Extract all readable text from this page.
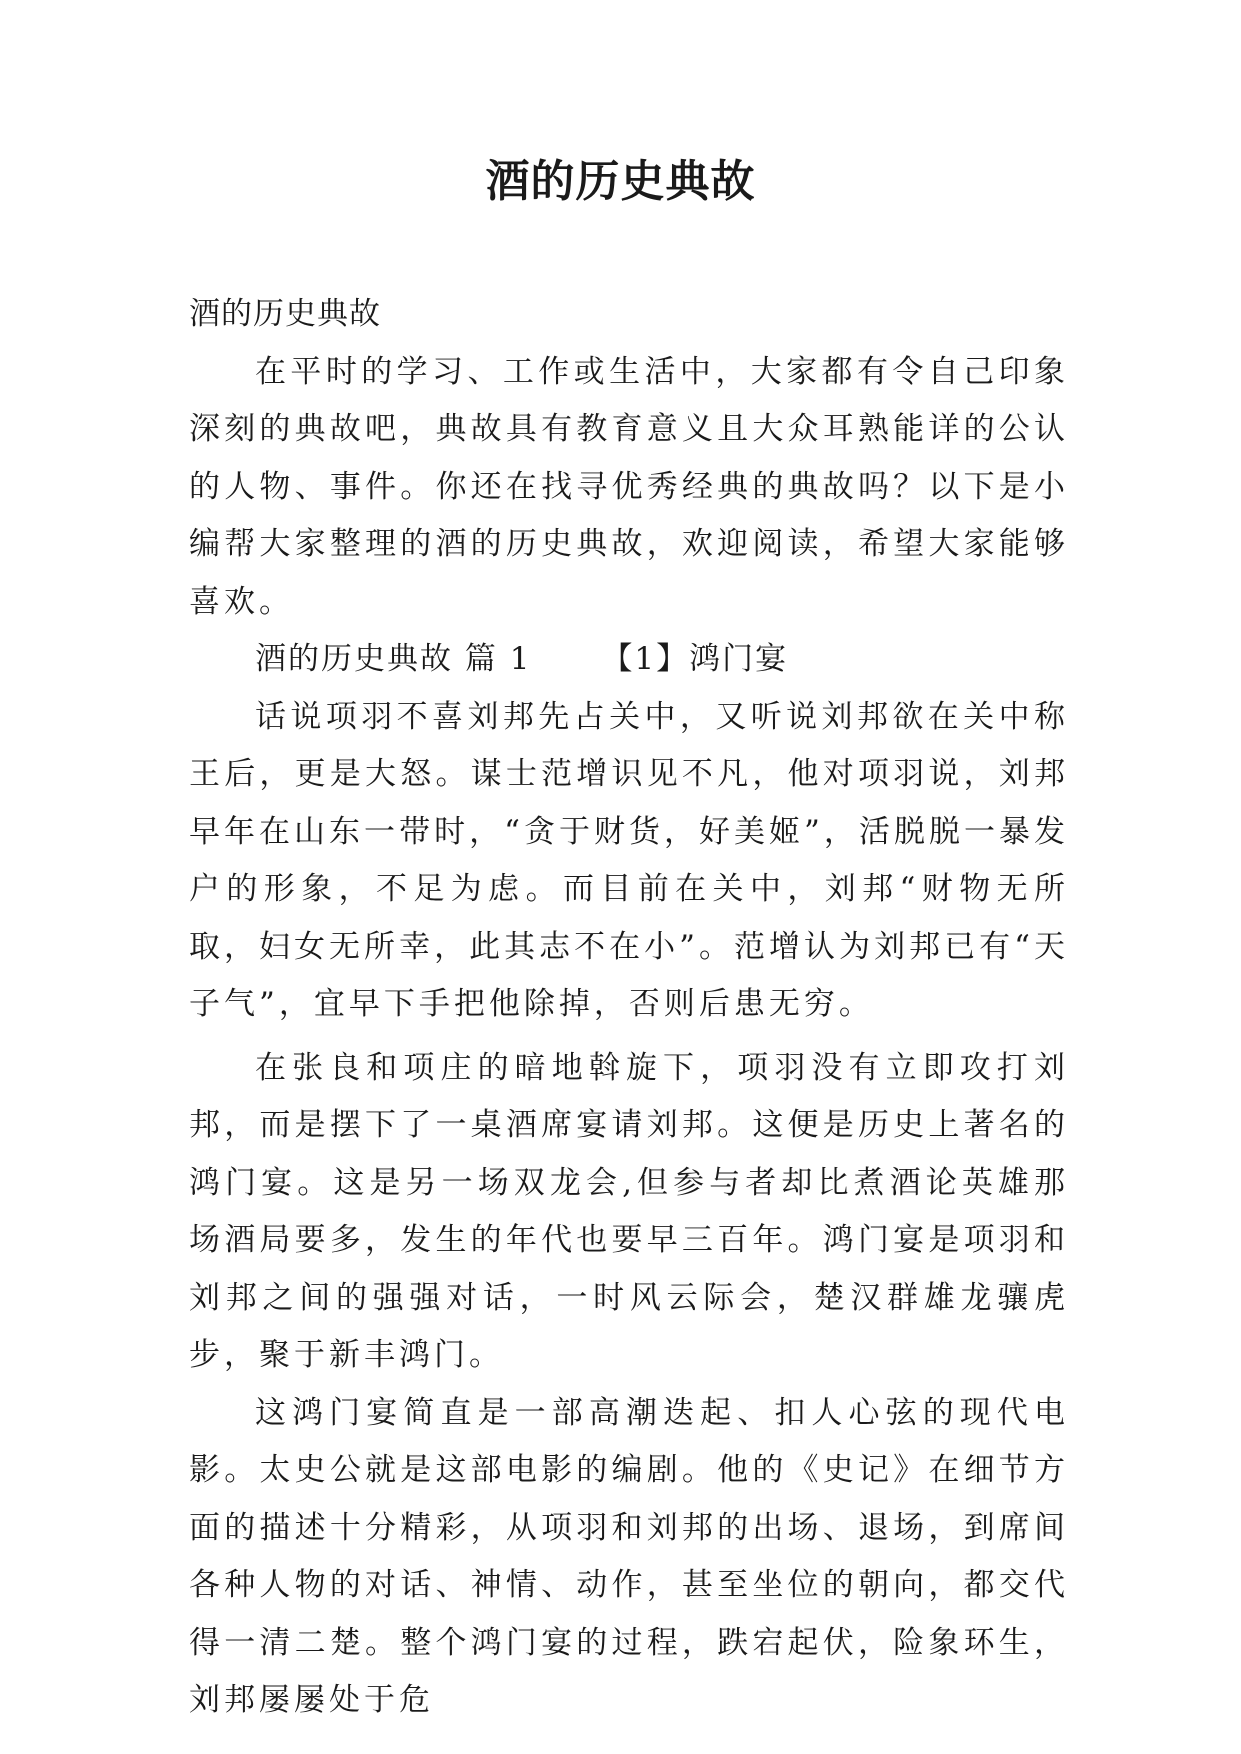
酒的历史典故

酒的历史典故

在平时的学习、工作或生活中，大家都有令自己印象深刻的典故吧，典故具有教育意义且大众耳熟能详的公认的人物、事件。你还在找寻优秀经典的典故吗？以下是小编帮大家整理的酒的历史典故，欢迎阅读，希望大家能够喜欢。

酒的历史典故 篇 1 【1】鸿门宴

话说项羽不喜刘邦先占关中，又听说刘邦欲在关中称王后，更是大怒。谋士范增识见不凡，他对项羽说，刘邦早年在山东一带时，“贪于财货，好美姬”，活脱脱一暴发户的形象，不足为虑。而目前在关中，刘邦“财物无所取，妇女无所幸，此其志不在小”。范增认为刘邦已有“天子气”，宜早下手把他除掉，否则后患无穷。

在张良和项庄的暗地斡旋下，项羽没有立即攻打刘邦，而是摆下了一桌酒席宴请刘邦。这便是历史上著名的鸿门宴。这是另一场双龙会,但参与者却比煮酒论英雄那场酒局要多，发生的年代也要早三百年。鸿门宴是项羽和刘邦之间的强强对话，一时风云际会，楚汉群雄龙骧虎步，聚于新丰鸿门。

这鸿门宴简直是一部高潮迭起、扣人心弦的现代电影。太史公就是这部电影的编剧。他的《史记》在细节方面的描述十分精彩，从项羽和刘邦的出场、退场，到席间各种人物的对话、神情、动作，甚至坐位的朝向，都交代得一清二楚。整个鸿门宴的过程，跌宕起伏，险象环生，刘邦屡屡处于危
